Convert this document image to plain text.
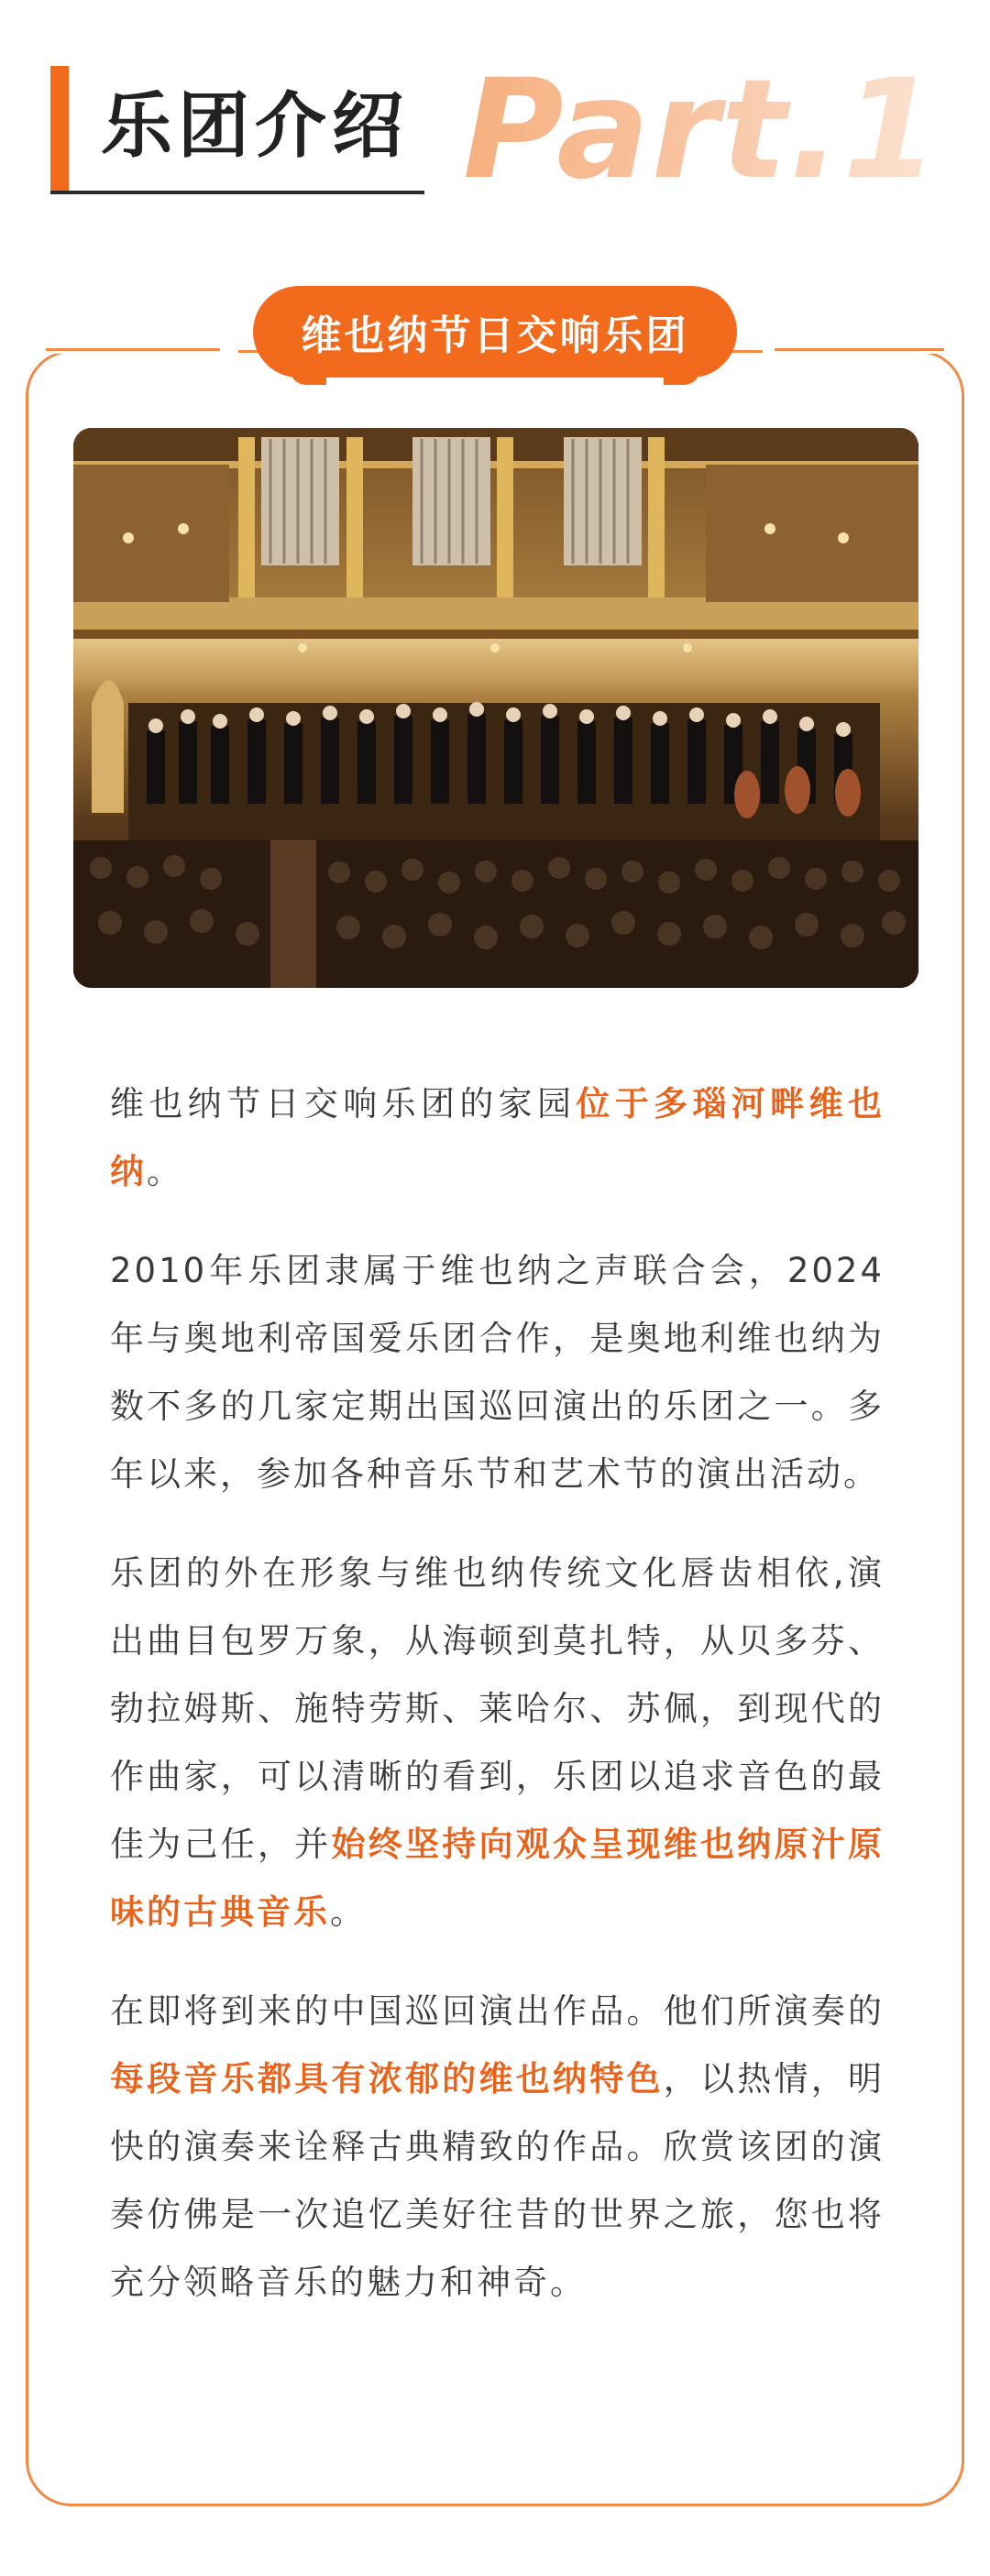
乐团介绍 Part.1
维也纳节日交响乐团

维也纳节日交响乐团的家园位于多瑙河畔维也纳。

2010年乐团隶属于维也纳之声联合会，2024年与奥地利帝国爱乐团合作，是奥地利维也纳为数不多的几家定期出国巡回演出的乐团之一。多年以来，参加各种音乐节和艺术节的演出活动。

乐团的外在形象与维也纳传统文化唇齿相依,演出曲目包罗万象，从海顿到莫扎特，从贝多芬、勃拉姆斯、施特劳斯、莱哈尔、苏佩，到现代的作曲家，可以清晰的看到，乐团以追求音色的最佳为己任，并始终坚持向观众呈现维也纳原汁原味的古典音乐。

在即将到来的中国巡回演出作品。他们所演奏的每段音乐都具有浓郁的维也纳特色，以热情，明快的演奏来诠释古典精致的作品。欣赏该团的演奏仿佛是一次追忆美好往昔的世界之旅，您也将充分领略音乐的魅力和神奇。
